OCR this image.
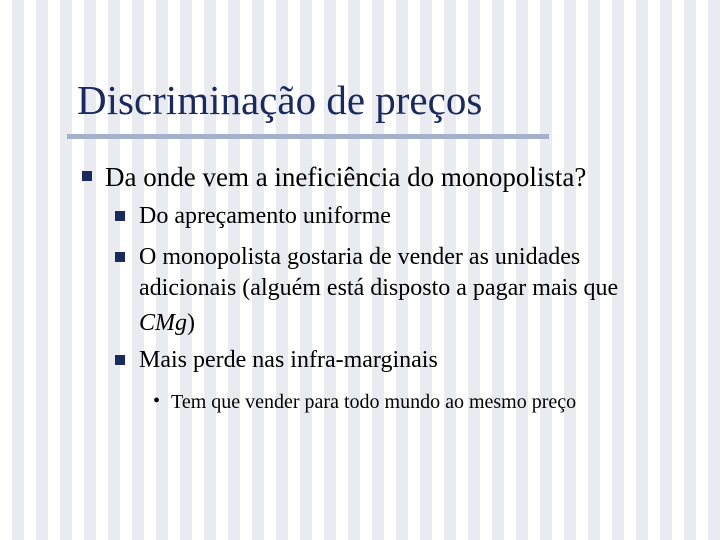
Discriminação de preços
Da onde vem a ineficiência do monopolista?
Do apreçamento uniforme
O monopolista gostaria de vender as unidades
adicionais (alguém está disposto a pagar mais que
CMg)
Mais perde nas infra-marginais
• Tem que vender para todo mundo ao mesmo preço
